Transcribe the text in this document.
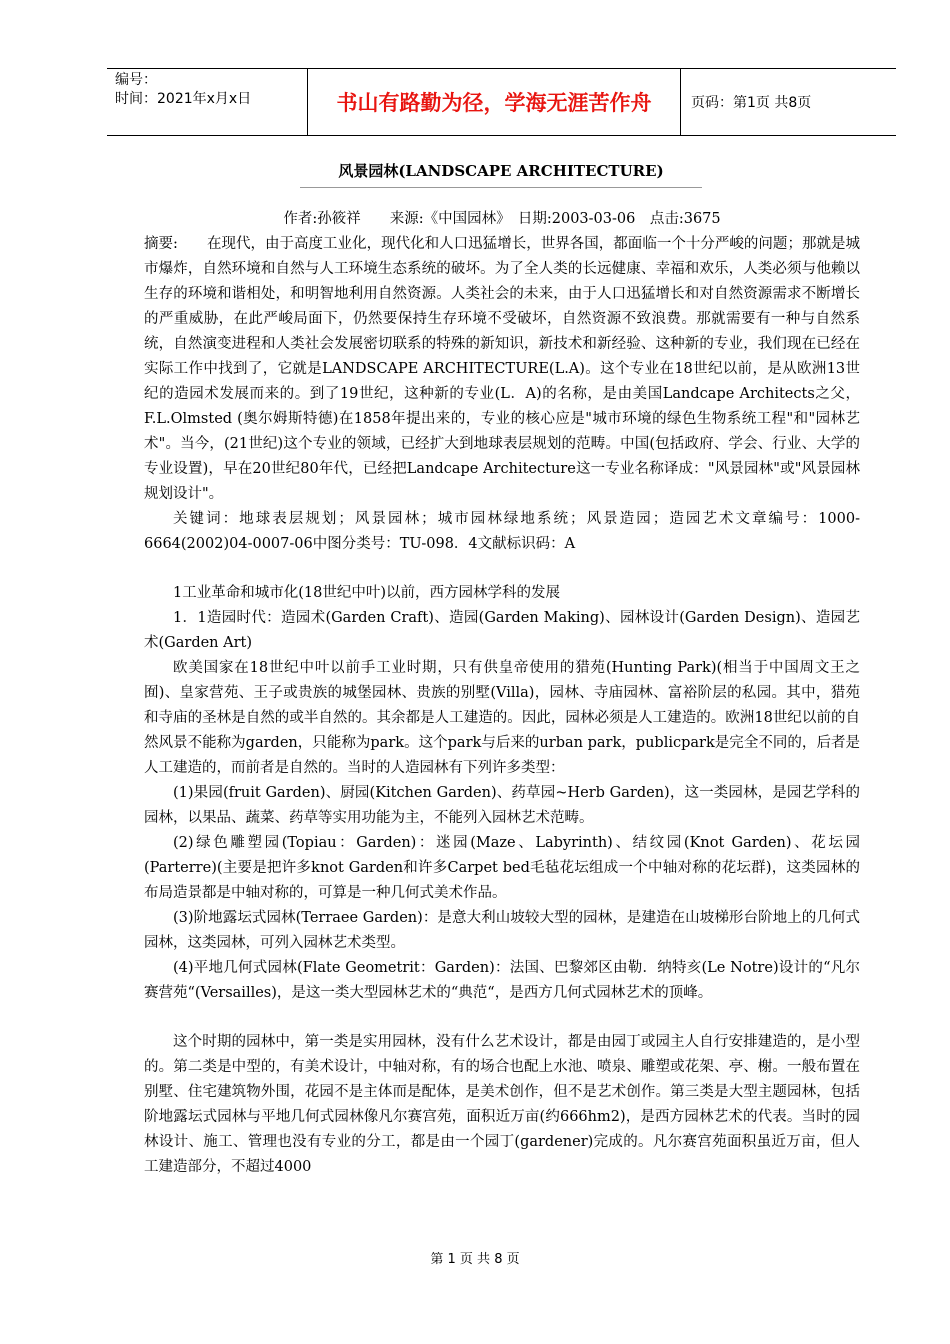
编号：
时间：2021年x月x日	书山有路勤为径，学海无涯苦作舟	页码：第1页 共8页
风景园林(LANDSCAPE ARCHITECTURE)

作者:孙筱祥　　来源:《中国园林》　日期:2003-03-06　点击:3675

摘要:　　在现代，由于高度工业化，现代化和人口迅猛增长，世界各国，都面临一个十分严峻的问题；那就是城市爆炸，自然环境和自然与人工环境生态系统的破坏。为了全人类的长远健康、幸福和欢乐，人类必须与他赖以生存的环境和谐相处，和明智地利用自然资源。人类社会的未来，由于人口迅猛增长和对自然资源需求不断增长的严重威胁，在此严峻局面下，仍然要保持生存环境不受破坏，自然资源不致浪费。那就需要有一种与自然系统，自然演变进程和人类社会发展密切联系的特殊的新知识，新技术和新经验、这种新的专业，我们现在已经在实际工作中找到了，它就是LANDSCAPE ARCHITECTURE(L.A)。这个专业在18世纪以前，是从欧洲13世纪的造园术发展而来的。到了19世纪，这种新的专业(L．A)的名称，是由美国Landcape Architects之父，F.L.Olmsted (奥尔姆斯特德)在1858年提出来的，专业的核心应是"城市环境的绿色生物系统工程"和"园林艺术"。当今，(21世纪)这个专业的领域，已经扩大到地球表层规划的范畴。中国(包括政府、学会、行业、大学的专业设置)，早在20世纪80年代，已经把Landcape Architecture这一专业名称译成："风景园林"或"风景园林规划设计"。

关键词：地球表层规划；风景园林；城市园林绿地系统；风景造园；造园艺术文章编号：1000-6664(2002)04-0007-06中图分类号：TU-098．4文献标识码：A

1工业革命和城市化(18世纪中叶)以前，西方园林学科的发展

1．1造园时代：造园术(Garden Craft)、造园(Garden Making)、园林设计(Garden Design)、造园艺术(Garden Art)

欧美国家在18世纪中叶以前手工业时期，只有供皇帝使用的猎苑(Hunting Park)(相当于中国周文王之囿)、皇家营苑、王子或贵族的城堡园林、贵族的别墅(Villa)，园林、寺庙园林、富裕阶层的私园。其中，猎苑和寺庙的圣林是自然的或半自然的。其余都是人工建造的。因此，园林必须是人工建造的。欧洲18世纪以前的自然风景不能称为garden，只能称为park。这个park与后来的urban park，publicpark是完全不同的，后者是人工建造的，而前者是自然的。当时的人造园林有下列许多类型：

(1)果园(fruit Garden)、厨园(Kitchen Garden)、药草园~Herb Garden)，这一类园林，是园艺学科的园林，以果品、蔬菜、药草等实用功能为主，不能列入园林艺术范畴。

(2)绿色雕塑园(Topiau：Garden)：迷园(Maze、Labyrinth)、结纹园(Knot Garden)、花坛园(Parterre)(主要是把许多knot Garden和许多Carpet bed毛毡花坛组成一个中轴对称的花坛群)，这类园林的布局造景都是中轴对称的，可算是一种几何式美术作品。

(3)阶地露坛式园林(Terraee Garden)：是意大利山坡较大型的园林，是建造在山坡梯形台阶地上的几何式园林，这类园林，可列入园林艺术类型。

(4)平地几何式园林(Flate Geometrit：Garden)：法国、巴黎郊区由勒．纳特亥(Le Notre)设计的“凡尔赛营苑“(Versailles)，是这一类大型园林艺术的“典范“，是西方几何式园林艺术的顶峰。

这个时期的园林中，第一类是实用园林，没有什么艺术设计，都是由园丁或园主人自行安排建造的，是小型的。第二类是中型的，有美术设计，中轴对称，有的场合也配上水池、喷泉、雕塑或花架、亭、榭。一般布置在别墅、住宅建筑物外围，花园不是主体而是配体，是美术创作，但不是艺术创作。第三类是大型主题园林，包括阶地露坛式园林与平地几何式园林像凡尔赛宫苑，面积近万亩(约666hm2)，是西方园林艺术的代表。当时的园林设计、施工、管理也没有专业的分工，都是由一个园丁(gardener)完成的。凡尔赛宫苑面积虽近万亩，但人工建造部分，不超过4000

第 1 页 共 8 页
